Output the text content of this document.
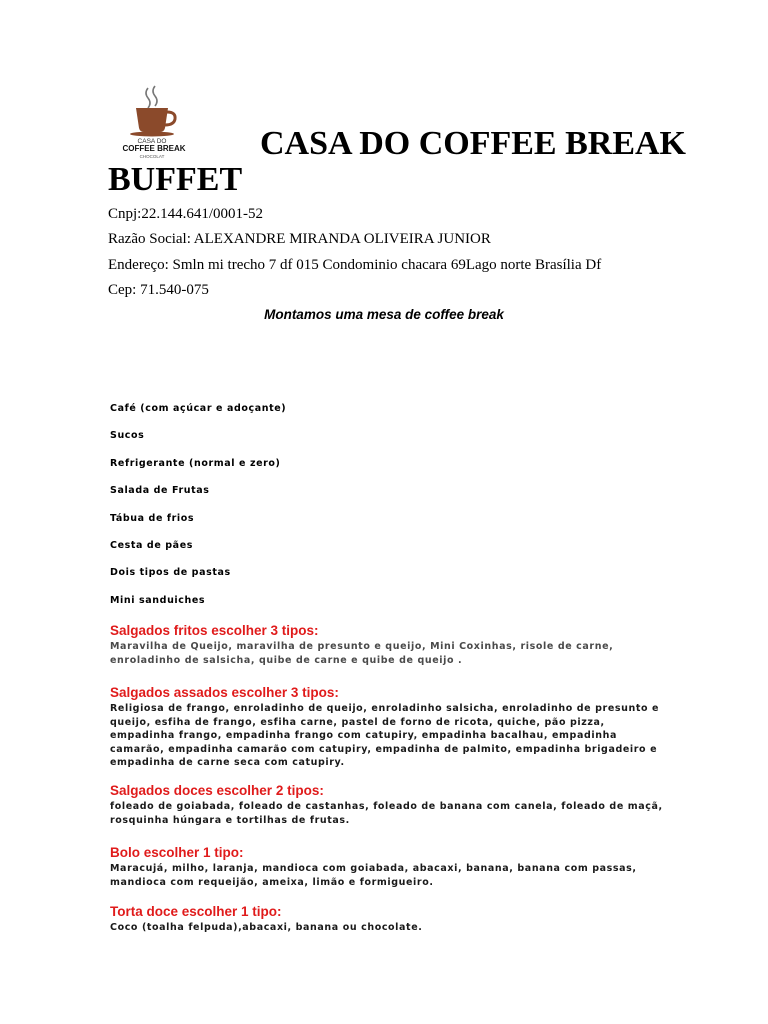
CASA DO
COFFEE BREAK
CHOCOLAT	CASA DO COFFEE BREAK
BUFFET
Cnpj:22.144.641/0001-52
Razão Social: ALEXANDRE MIRANDA OLIVEIRA JUNIOR
Endereço: Smln mi trecho 7 df 015 Condominio chacara 69Lago norte Brasília Df
Cep: 71.540-075
Montamos uma mesa de coffee break
Café (com açúcar e adoçante)
Sucos
Refrigerante (normal e zero)
Salada de Frutas
Tábua de frios
Cesta de pães
Dois tipos de pastas
Mini sanduiches
Salgados fritos escolher 3 tipos:

Maravilha de Queijo, maravilha de presunto e queijo, Mini Coxinhas, risole de carne, enroladinho de salsicha, quibe de carne e quibe de queijo .

Salgados assados escolher 3 tipos:

Religiosa de frango, enroladinho de queijo, enroladinho salsicha, enroladinho de presunto e queijo, esfiha de frango, esfiha carne, pastel de forno de ricota, quiche, pão pizza, empadinha frango, empadinha frango com catupiry, empadinha bacalhau, empadinha camarão, empadinha camarão com catupiry, empadinha de palmito, empadinha brigadeiro e empadinha de carne seca com catupiry.

Salgados doces escolher 2 tipos:

foleado de goiabada, foleado de castanhas, foleado de banana com canela, foleado de maçã, rosquinha húngara e tortilhas de frutas.

Bolo escolher 1 tipo:

Maracujá, milho, laranja, mandioca com goiabada, abacaxi, banana, banana com passas, mandioca com requeijão, ameixa, limão e formigueiro.

Torta doce escolher 1 tipo:

Coco (toalha felpuda),abacaxi, banana ou chocolate.
